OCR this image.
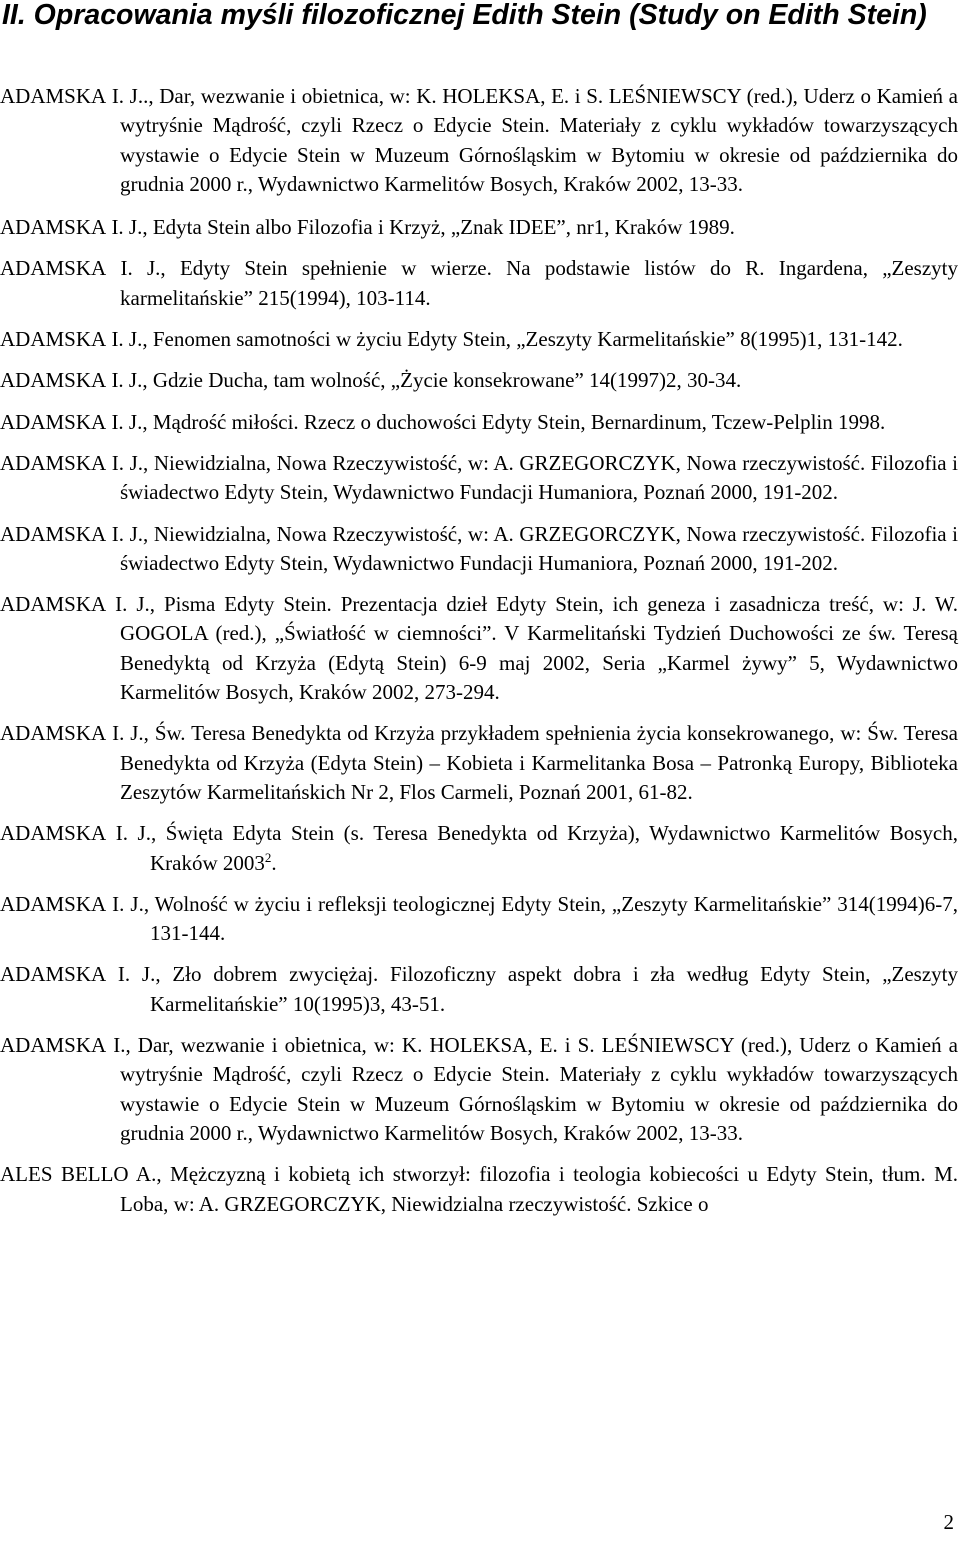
II. Opracowania myśli filozoficznej Edith Stein (Study on Edith Stein)

ADAMSKA I. J.., Dar, wezwanie i obietnica, w: K. HOLEKSA, E. i S. LEŚNIEWSCY (red.), Uderz o Kamień a wytryśnie Mądrość, czyli Rzecz o Edycie Stein. Materiały z cyklu wykładów towarzyszących wystawie o Edycie Stein w Muzeum Górnośląskim w Bytomiu w okresie od października do grudnia 2000 r., Wydawnictwo Karmelitów Bosych, Kraków 2002, 13-33.

ADAMSKA I. J., Edyta Stein albo Filozofia i Krzyż, „Znak IDEE”, nr1, Kraków 1989.

ADAMSKA I. J., Edyty Stein spełnienie w wierze. Na podstawie listów do R. Ingardena, „Zeszyty karmelitańskie” 215(1994), 103-114.

ADAMSKA I. J., Fenomen samotności w życiu Edyty Stein, „Zeszyty Karmelitańskie” 8(1995)1, 131-142.

ADAMSKA I. J., Gdzie Ducha, tam wolność, „Życie konsekrowane” 14(1997)2, 30-34.

ADAMSKA I. J., Mądrość miłości. Rzecz o duchowości Edyty Stein, Bernardinum, Tczew-Pelplin 1998.

ADAMSKA I. J., Niewidzialna, Nowa Rzeczywistość, w: A. GRZEGORCZYK, Nowa rzeczywistość. Filozofia i świadectwo Edyty Stein, Wydawnictwo Fundacji Humaniora, Poznań 2000, 191-202.

ADAMSKA I. J., Niewidzialna, Nowa Rzeczywistość, w: A. GRZEGORCZYK, Nowa rzeczywistość. Filozofia i świadectwo Edyty Stein, Wydawnictwo Fundacji Humaniora, Poznań 2000, 191-202.

ADAMSKA I. J., Pisma Edyty Stein. Prezentacja dzieł Edyty Stein, ich geneza i zasadnicza treść, w: J. W. GOGOLA (red.), „Światłość w ciemności”. V Karmelitański Tydzień Duchowości ze św. Teresą Benedyktą od Krzyża (Edytą Stein) 6-9 maj 2002, Seria „Karmel żywy” 5, Wydawnictwo Karmelitów Bosych, Kraków 2002, 273-294.

ADAMSKA I. J., Św. Teresa Benedykta od Krzyża przykładem spełnienia życia konsekrowanego, w: Św. Teresa Benedykta od Krzyża (Edyta Stein) – Kobieta i Karmelitanka Bosa – Patronką Europy, Biblioteka Zeszytów Karmelitańskich Nr 2, Flos Carmeli, Poznań 2001, 61-82.

ADAMSKA I. J., Święta Edyta Stein (s. Teresa Benedykta od Krzyża), Wydawnictwo Karmelitów Bosych, Kraków 2003$^2$.

ADAMSKA I. J., Wolność w życiu i refleksji teologicznej Edyty Stein, „Zeszyty Karmelitańskie” 314(1994)6-7, 131-144.

ADAMSKA I. J., Zło dobrem zwyciężaj. Filozoficzny aspekt dobra i zła według Edyty Stein, „Zeszyty Karmelitańskie” 10(1995)3, 43-51.

ADAMSKA I., Dar, wezwanie i obietnica, w: K. HOLEKSA, E. i S. LEŚNIEWSCY (red.), Uderz o Kamień a wytryśnie Mądrość, czyli Rzecz o Edycie Stein. Materiały z cyklu wykładów towarzyszących wystawie o Edycie Stein w Muzeum Górnośląskim w Bytomiu w okresie od października do grudnia 2000 r., Wydawnictwo Karmelitów Bosych, Kraków 2002, 13-33.

ALES BELLO A., Mężczyzną i kobietą ich stworzył: filozofia i teologia kobiecości u Edyty Stein, tłum. M. Loba, w: A. GRZEGORCZYK, Niewidzialna rzeczywistość. Szkice o

2
